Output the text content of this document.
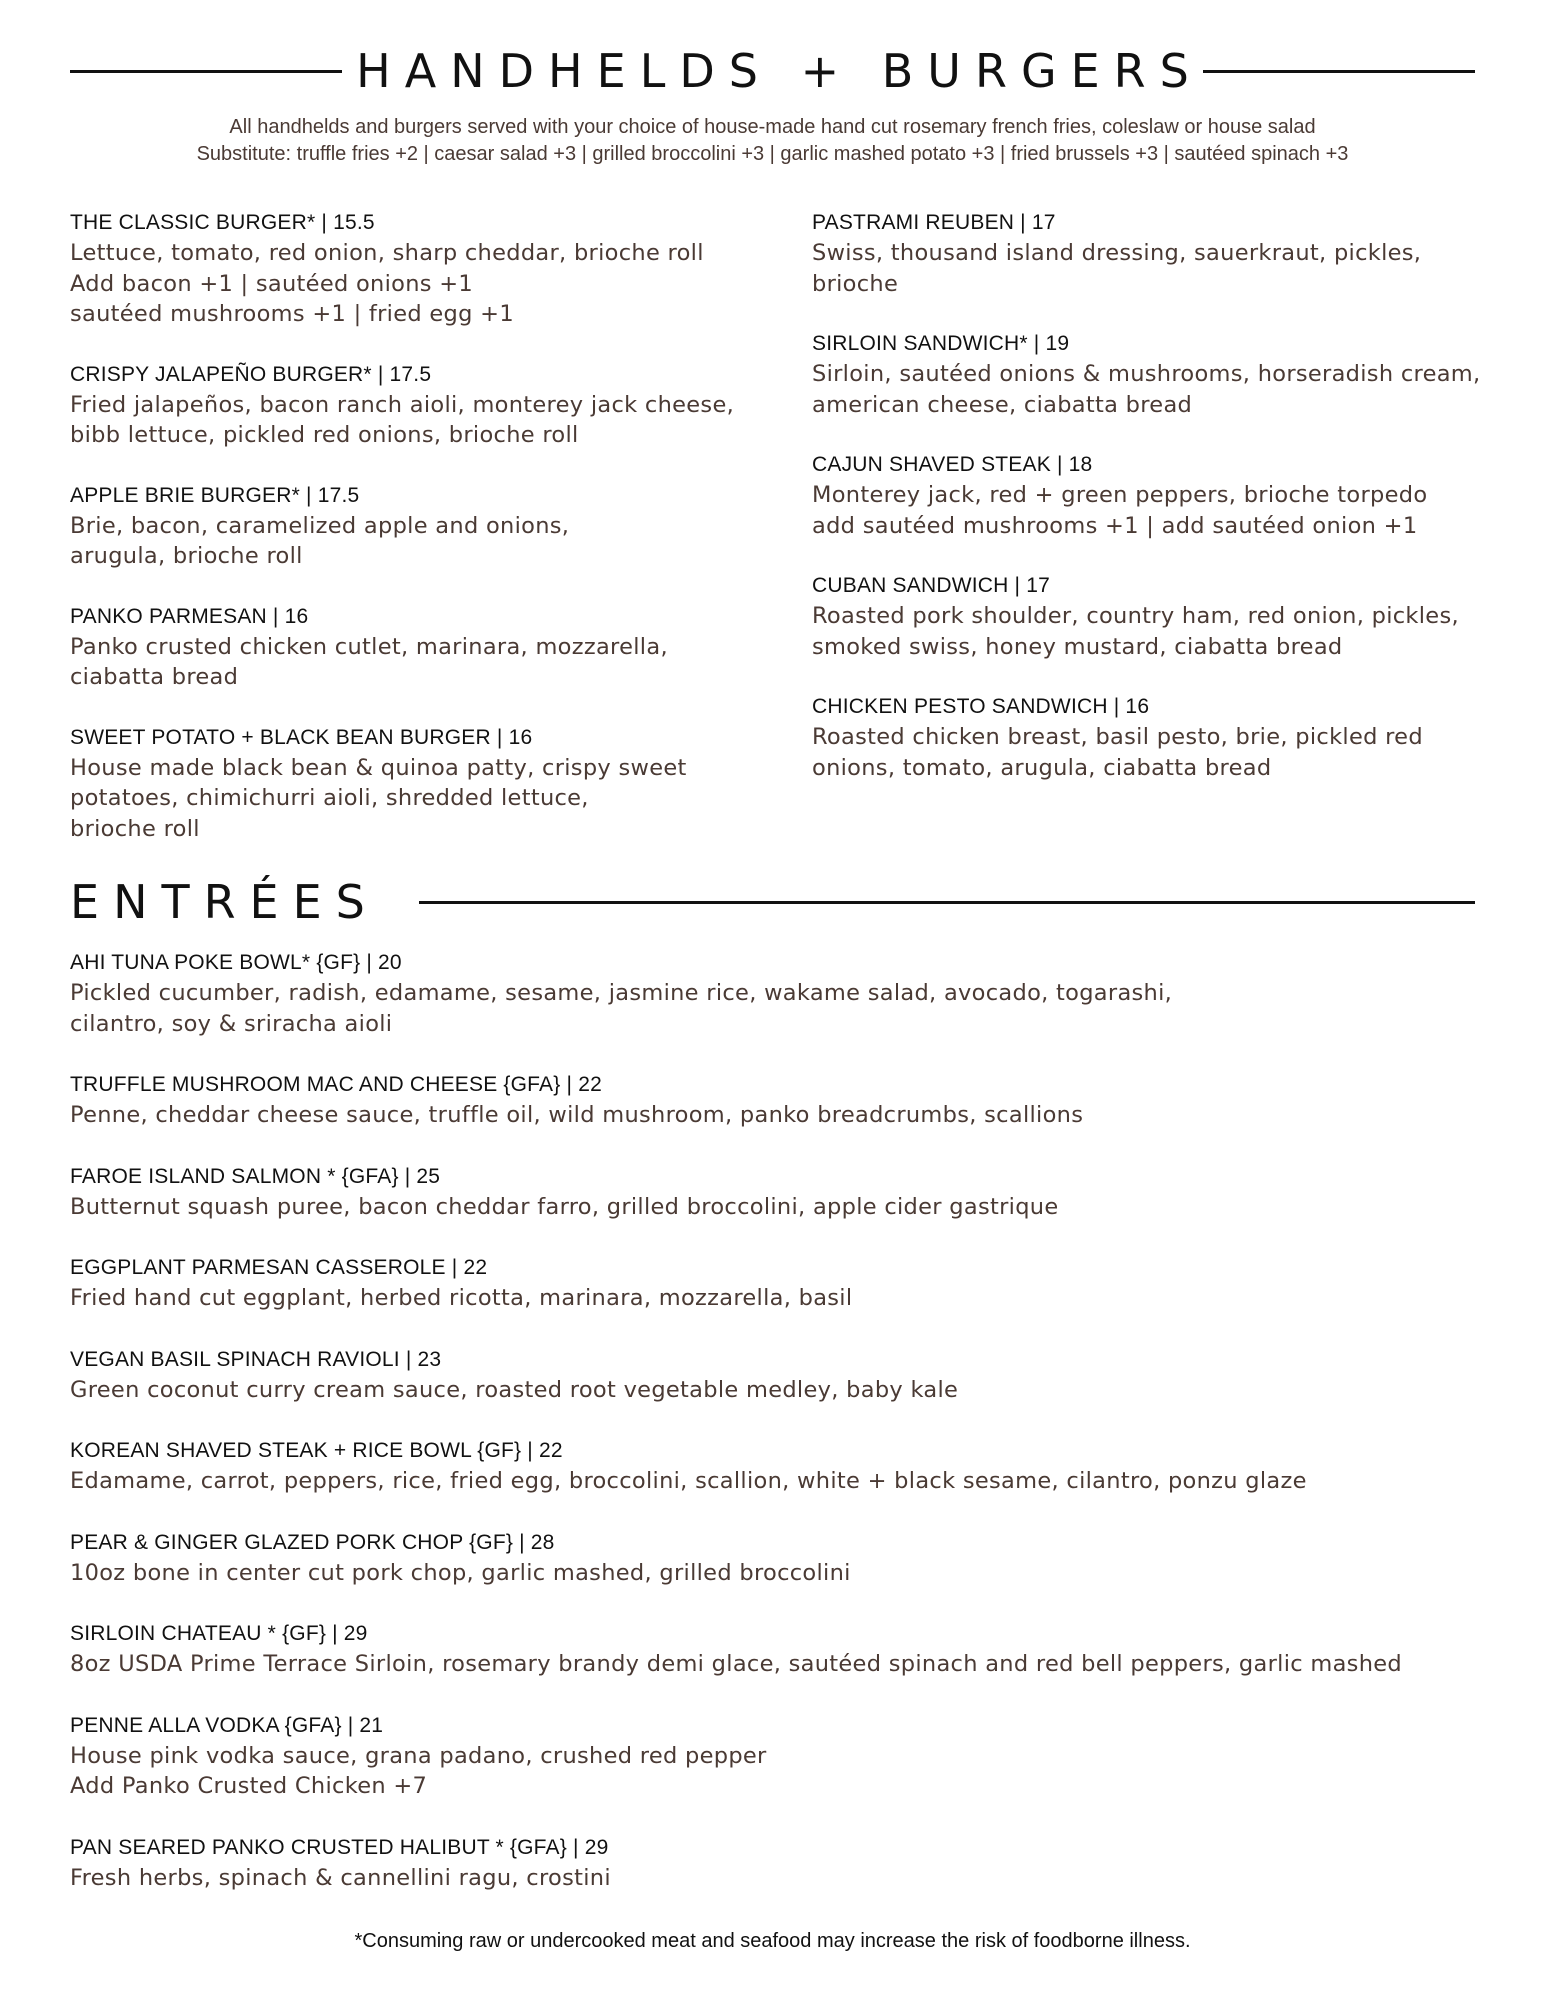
HANDHELDS + BURGERS
All handhelds and burgers served with your choice of house-made hand cut rosemary french fries, coleslaw or house salad
Substitute: truffle fries +2 | caesar salad +3 | grilled broccolini +3 | garlic mashed potato +3 | fried brussels +3 | sautéed spinach +3
THE CLASSIC BURGER* | 15.5
Lettuce, tomato, red onion, sharp cheddar, brioche roll
Add bacon +1 | sautéed onions +1
sautéed mushrooms +1 | fried egg +1
CRISPY JALAPEÑO BURGER* | 17.5
Fried jalapeños, bacon ranch aioli, monterey jack cheese,
bibb lettuce, pickled red onions, brioche roll
APPLE BRIE BURGER* | 17.5
Brie, bacon, caramelized apple and onions,
arugula, brioche roll
PANKO PARMESAN | 16
Panko crusted chicken cutlet, marinara, mozzarella,
ciabatta bread
SWEET POTATO + BLACK BEAN BURGER | 16
House made black bean & quinoa patty, crispy sweet
potatoes, chimichurri aioli, shredded lettuce,
brioche roll
PASTRAMI REUBEN | 17
Swiss, thousand island dressing, sauerkraut, pickles,
brioche
SIRLOIN SANDWICH* | 19
Sirloin, sautéed onions & mushrooms, horseradish cream,
american cheese, ciabatta bread
CAJUN SHAVED STEAK | 18
Monterey jack, red + green peppers, brioche torpedo
add sautéed mushrooms +1 | add sautéed onion +1
CUBAN SANDWICH | 17
Roasted pork shoulder, country ham, red onion, pickles,
smoked swiss, honey mustard, ciabatta bread
CHICKEN PESTO SANDWICH | 16
Roasted chicken breast, basil pesto, brie, pickled red
onions, tomato, arugula, ciabatta bread
ENTRÉES
AHI TUNA POKE BOWL* {GF} | 20
Pickled cucumber, radish, edamame, sesame, jasmine rice, wakame salad, avocado, togarashi,
cilantro, soy & sriracha aioli
TRUFFLE MUSHROOM MAC AND CHEESE {GFA} | 22
Penne, cheddar cheese sauce, truffle oil, wild mushroom, panko breadcrumbs, scallions
FAROE ISLAND SALMON * {GFA} | 25
Butternut squash puree, bacon cheddar farro, grilled broccolini, apple cider gastrique
EGGPLANT PARMESAN CASSEROLE | 22
Fried hand cut eggplant, herbed ricotta, marinara, mozzarella, basil
VEGAN BASIL SPINACH RAVIOLI | 23
Green coconut curry cream sauce, roasted root vegetable medley, baby kale
KOREAN SHAVED STEAK + RICE BOWL {GF} | 22
Edamame, carrot, peppers, rice, fried egg, broccolini, scallion, white + black sesame, cilantro, ponzu glaze
PEAR & GINGER GLAZED PORK CHOP {GF} | 28
10oz bone in center cut pork chop, garlic mashed, grilled broccolini
SIRLOIN CHATEAU * {GF} | 29
8oz USDA Prime Terrace Sirloin, rosemary brandy demi glace, sautéed spinach and red bell peppers, garlic mashed
PENNE ALLA VODKA {GFA} | 21
House pink vodka sauce, grana padano, crushed red pepper
Add Panko Crusted Chicken +7
PAN SEARED PANKO CRUSTED HALIBUT * {GFA} | 29
Fresh herbs, spinach & cannellini ragu, crostini
*Consuming raw or undercooked meat and seafood may increase the risk of foodborne illness.
